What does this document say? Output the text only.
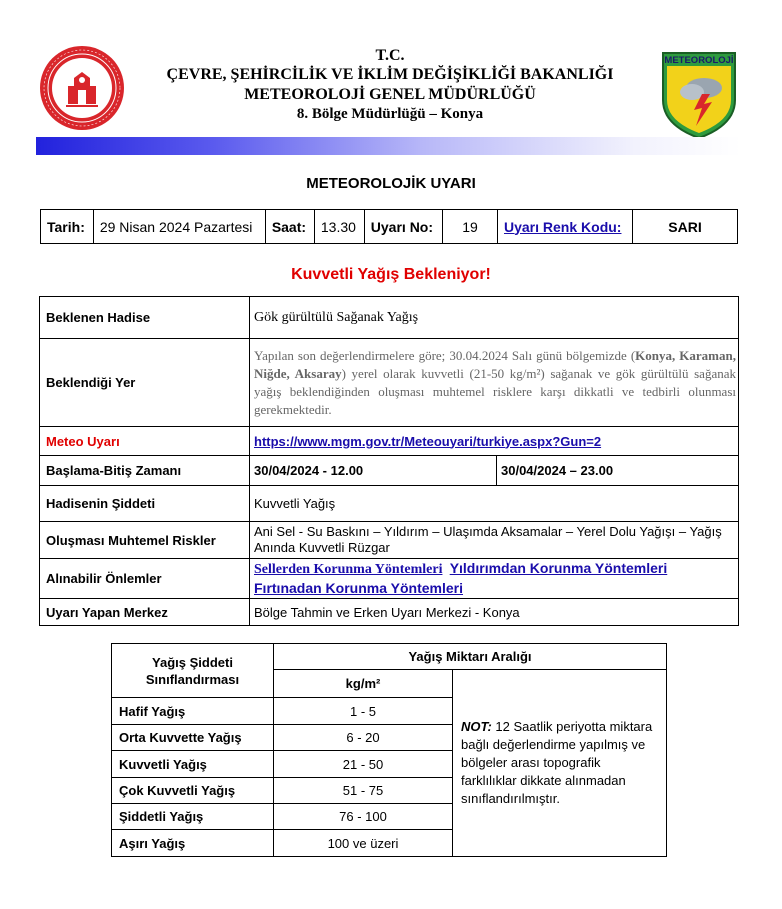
T.C.
ÇEVRE, ŞEHİRCİLİK VE İKLİM DEĞİŞİKLİĞİ BAKANLIĞI
METEOROLOJİ GENEL MÜDÜRLÜĞÜ
8. Bölge Müdürlüğü – Konya
METEOROLOJİ
METEOROLOJİK UYARI
Tarih:	29 Nisan 2024 Pazartesi	Saat:	13.30	Uyarı No:	19	Uyarı Renk Kodu:	SARI
Kuvvetli Yağış Bekleniyor!
Beklenen Hadise	Gök gürültülü Sağanak Yağış	
Beklendiği Yer	Yapılan son değerlendirmelere göre; 30.04.2024 Salı günü bölgemizde (Konya, Karaman, Niğde, Aksaray) yerel olarak kuvvetli (21-50 kg/m²) sağanak ve gök gürültülü sağanak yağış beklendiğinden oluşması muhtemel risklere karşı dikkatli ve tedbirli olunması gerekmektedir.	
Meteo Uyarı	https://www.mgm.gov.tr/Meteouyari/turkiye.aspx?Gun=2	
Başlama-Bitiş Zamanı	30/04/2024 - 12.00	30/04/2024 – 23.00
Hadisenin Şiddeti	Kuvvetli Yağış	
Oluşması Muhtemel Riskler	Ani Sel - Su Baskını – Yıldırım – Ulaşımda Aksamalar – Yerel Dolu Yağışı – Yağış Anında Kuvvetli Rüzgar	
Alınabilir Önlemler	Sellerden Korunma Yöntemleri Yıldırımdan Korunma Yöntemleri
Fırtınadan Korunma Yöntemleri	
Uyarı Yapan Merkez	Bölge Tahmin ve Erken Uyarı Merkezi - Konya	
Yağış Şiddeti
Sınıflandırması	Yağış Miktarı Aralığı	
	kg/m²	NOT: 12 Saatlik periyotta miktara bağlı değerlendirme yapılmış ve bölgeler arası topografik farklılıklar dikkate alınmadan sınıflandırılmıştır.
Hafif Yağış	1 - 5	
Orta Kuvvette Yağış	6 - 20	
Kuvvetli Yağış	21 - 50	
Çok Kuvvetli Yağış	51 - 75	
Şiddetli Yağış	76 - 100	
Aşırı Yağış	100 ve üzeri	
